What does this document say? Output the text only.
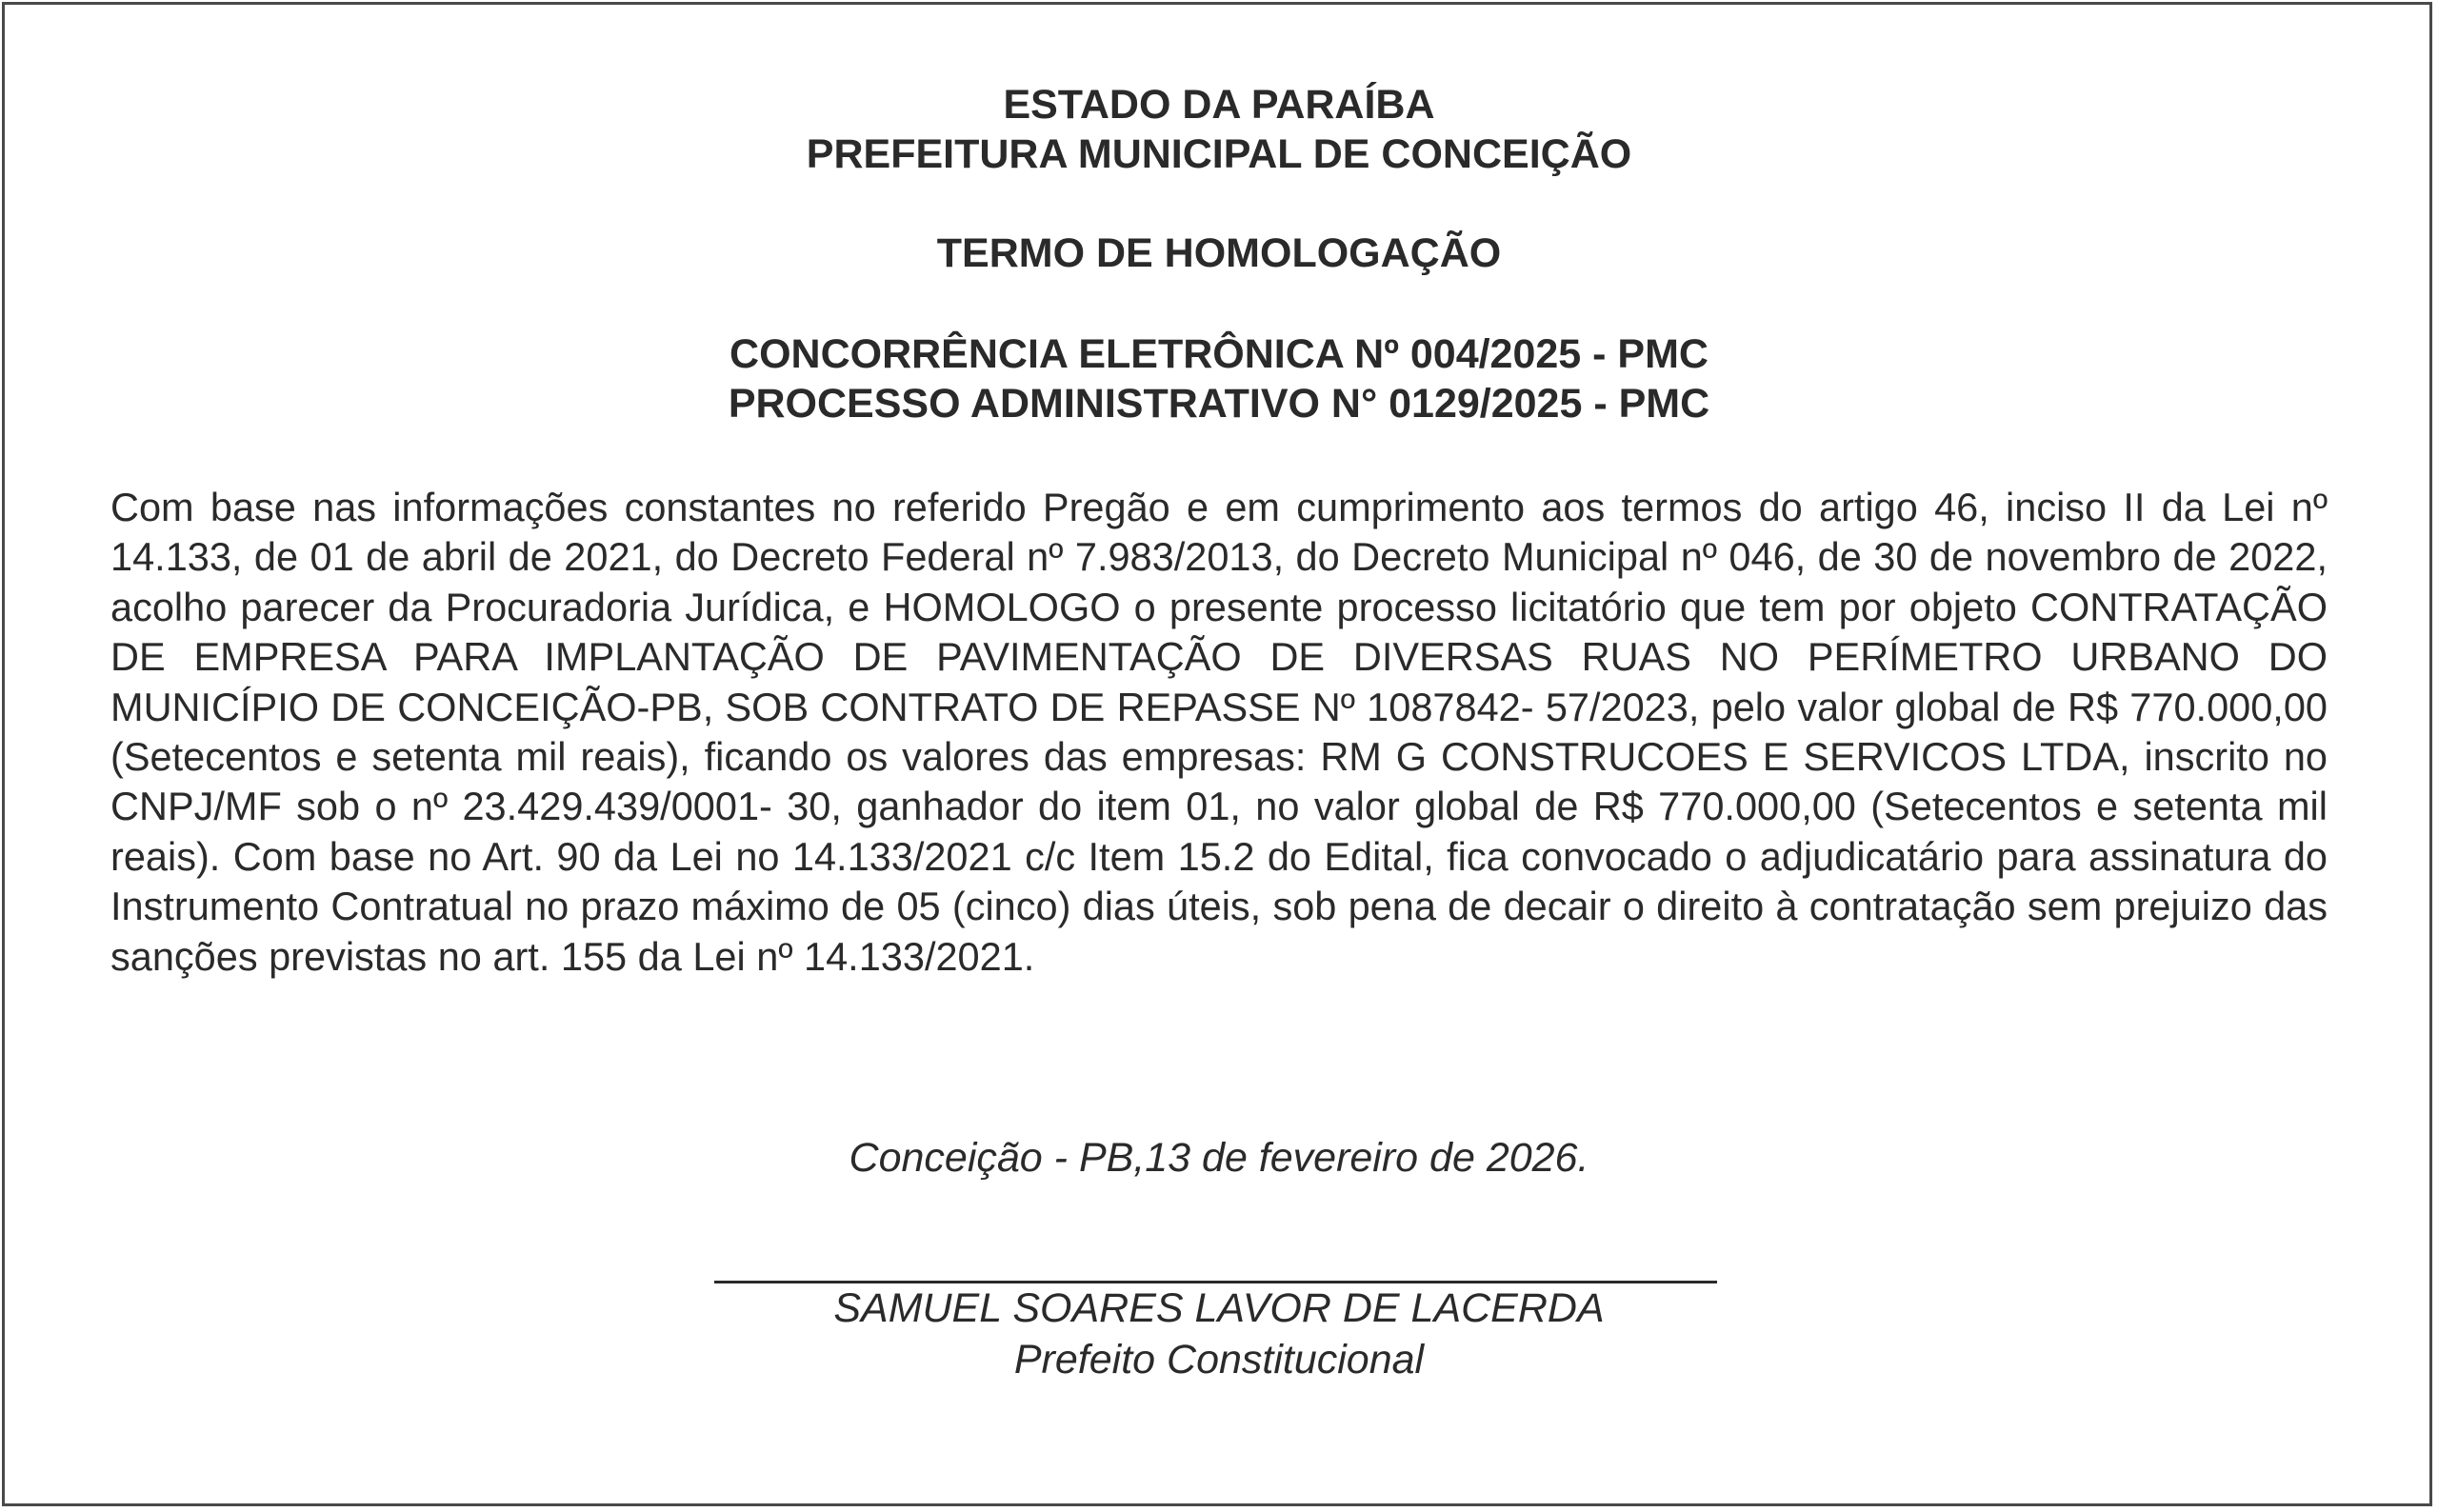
ESTADO DA PARAÍBA
PREFEITURA MUNICIPAL DE CONCEIÇÃO
TERMO DE HOMOLOGAÇÃO
CONCORRÊNCIA ELETRÔNICA Nº 004/2025 - PMC
PROCESSO ADMINISTRATIVO N° 0129/2025 - PMC
Com base nas informações constantes no referido Pregão e em cumprimento aos termos do artigo 46, inciso II da Lei nº 14.133, de 01 de abril de 2021, do Decreto Federal nº 7.983/2013, do Decreto Municipal nº 046, de 30 de novembro de 2022, acolho parecer da Procuradoria Jurídica, e HOMOLOGO o presente processo licitatório que tem por objeto CONTRATAÇÃO DE EMPRESA PARA IMPLANTAÇÃO DE PAVIMENTAÇÃO DE DIVERSAS RUAS NO PERÍMETRO URBANO DO MUNICÍPIO DE CONCEIÇÃO-PB, SOB CONTRATO DE REPASSE Nº 1087842- 57/2023, pelo valor global de R$ 770.000,00 (Setecentos e setenta mil reais), ficando os valores das empresas: RM G CONSTRUCOES E SERVICOS LTDA, inscrito no CNPJ/MF sob o nº 23.429.439/0001- 30, ganhador do item 01, no valor global de R$ 770.000,00 (Setecentos e setenta mil reais). Com base no Art. 90 da Lei no 14.133/2021 c/c Item 15.2 do Edital, fica convocado o adjudicatário para assinatura do Instrumento Contratual no prazo máximo de 05 (cinco) dias úteis, sob pena de decair o direito à contratação sem prejuizo das sanções previstas no art. 155 da Lei nº 14.133/2021.
Conceição - PB,13 de fevereiro de 2026.
SAMUEL SOARES LAVOR DE LACERDA
Prefeito Constitucional
